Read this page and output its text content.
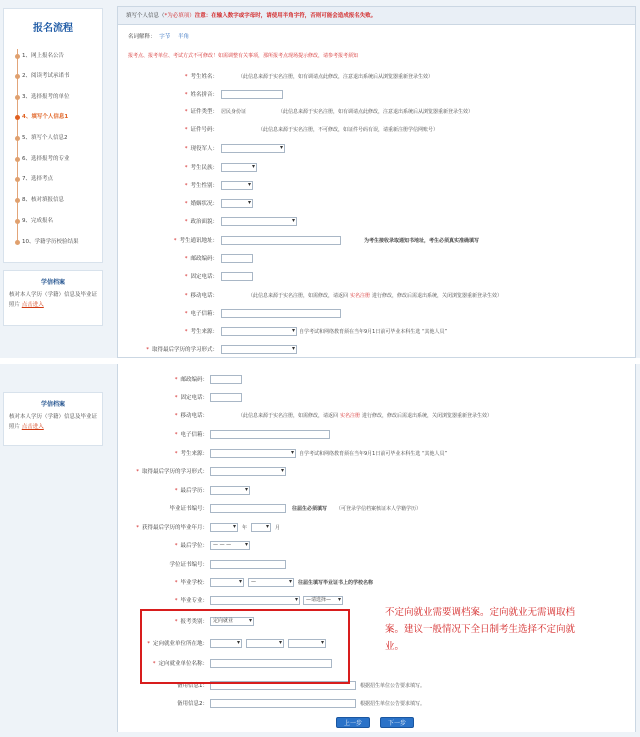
报名流程
1、网上报名公告
2、阅读考试承诺书
3、选择报考的单位
4、填写个人信息1
5、填写个人信息2
6、选择报考的专业
7、选择考点
8、核对填报信息
9、完成报名
10、学籍学历校验结果
学信档案
核对本人学历（学籍）信息及毕业证照片 点击进入
填写个人信息（*为必填项）注意：在输入数字或字母时，请使用半角字符，否则可能会造成报名失败。
名词解释： 字节 半角
报考点、报考单位、考试方式不可修改！如需调整有关事项，那所报考点现场提示修改，请参考报考须知
* 考生姓名：	（此信息来源于实名注册，如有调请点此修改，注意退出系统后从浏览器重新登录生效）
* 姓名拼音：
* 证件类型： 居民身份证	（此信息来源于实名注册，如有调请点此修改，注意退出系统后从浏览器重新登录生效）
* 证件号码：	（此信息来源于实名注册，不可修改，如证件号码有误，请重新注册学信网账号）
* 现役军人：
▾
* 考生民族：
▾
* 考生性别：
▾
* 婚姻状况：
▾
* 政治面貌：
▾
* 考生通讯地址：	为考生接收录取通知书地址，考生必须真实准确填写
* 邮政编码：
* 固定电话：
* 移动电话：	（此信息来源于实名注册，如需修改，请返回 实名注册 进行修改，修改后需退出系统，关闭浏览器重新登录生效）
* 电子信箱：
* 考生来源： ▾	自学考试和网络教育须在当年9月1日前可毕业本科生选 “其他人员”
* 取得最后学历的学习形式：
▾
学信档案
核对本人学历（学籍）信息及毕业证照片 点击进入
* 邮政编码：
* 固定电话：
* 移动电话：	（此信息来源于实名注册，如需修改，请返回 实名注册 进行修改，修改后需退出系统，关闭浏览器重新登录生效）
* 电子信箱：
* 考生来源： ▾	自学考试和网络教育须在当年9月1日前可毕业本科生选 “其他人员”
* 取得最后学历的学习形式：
▾
* 最后学历：
▾
毕业证书编号：	往届生必须填写 （可登录学信档案核证本人学籍学历）
* 获得最后学历的毕业年月： ▾	年 ▾	月
* 最后学位：	— — — ▾
学位证书编号：
* 毕业学校： ▾	— ▾	往届生填写毕业证书上的学校名称
* 毕业专业： ▾	—请选择— ▾
* 报考类别：	定向就业 ▾
* 定向就业单位所在地：
▾
▾
▾
* 定向就业单位名称：
备用信息1：	根据招生单位公告要求填写。
备用信息2：	根据招生单位公告要求填写。
上一步	下一步
不定向就业需要调档案。定向就业无需调取档案。建议一般情况下全日制考生选择不定向就业。
